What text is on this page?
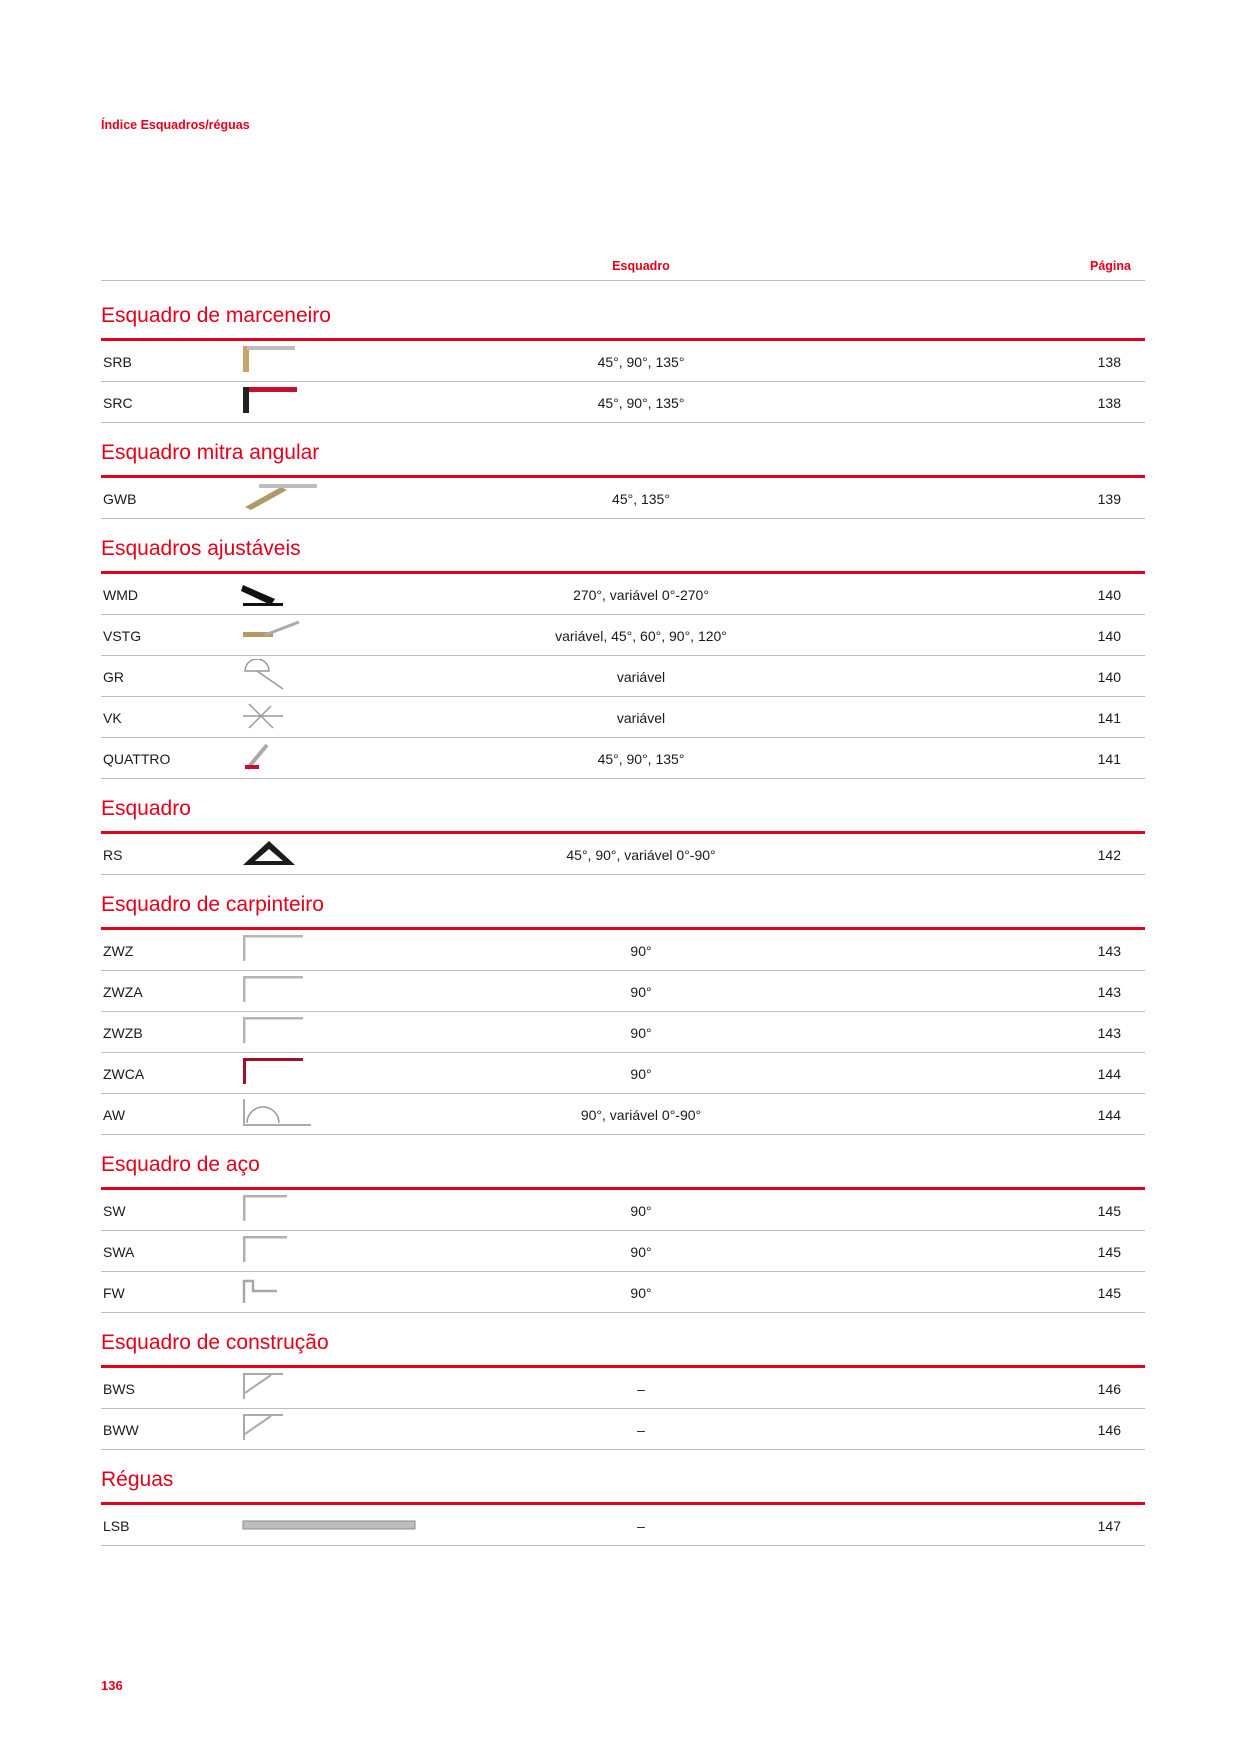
Índice Esquadros/réguas
Esquadro	Página
Esquadro de marceneiro
SRB	45°, 90°, 135°	138
SRC	45°, 90°, 135°	138
Esquadro mitra angular
GWB	45°, 135°	139
Esquadros ajustáveis
WMD	270°, variável 0°-270°	140
VSTG	variável, 45°, 60°, 90°, 120°	140
GR	variável	140
VK	variável	141
QUATTRO	45°, 90°, 135°	141
Esquadro
RS	45°, 90°, variável 0°-90°	142
Esquadro de carpinteiro
ZWZ	90°	143
ZWZA	90°	143
ZWZB	90°	143
ZWCA	90°	144
AW	90°, variável 0°-90°	144
Esquadro de aço
SW	90°	145
SWA	90°	145
FW	90°	145
Esquadro de construção
BWS	–	146
BWW	–	146
Réguas
LSB	–	147
136
